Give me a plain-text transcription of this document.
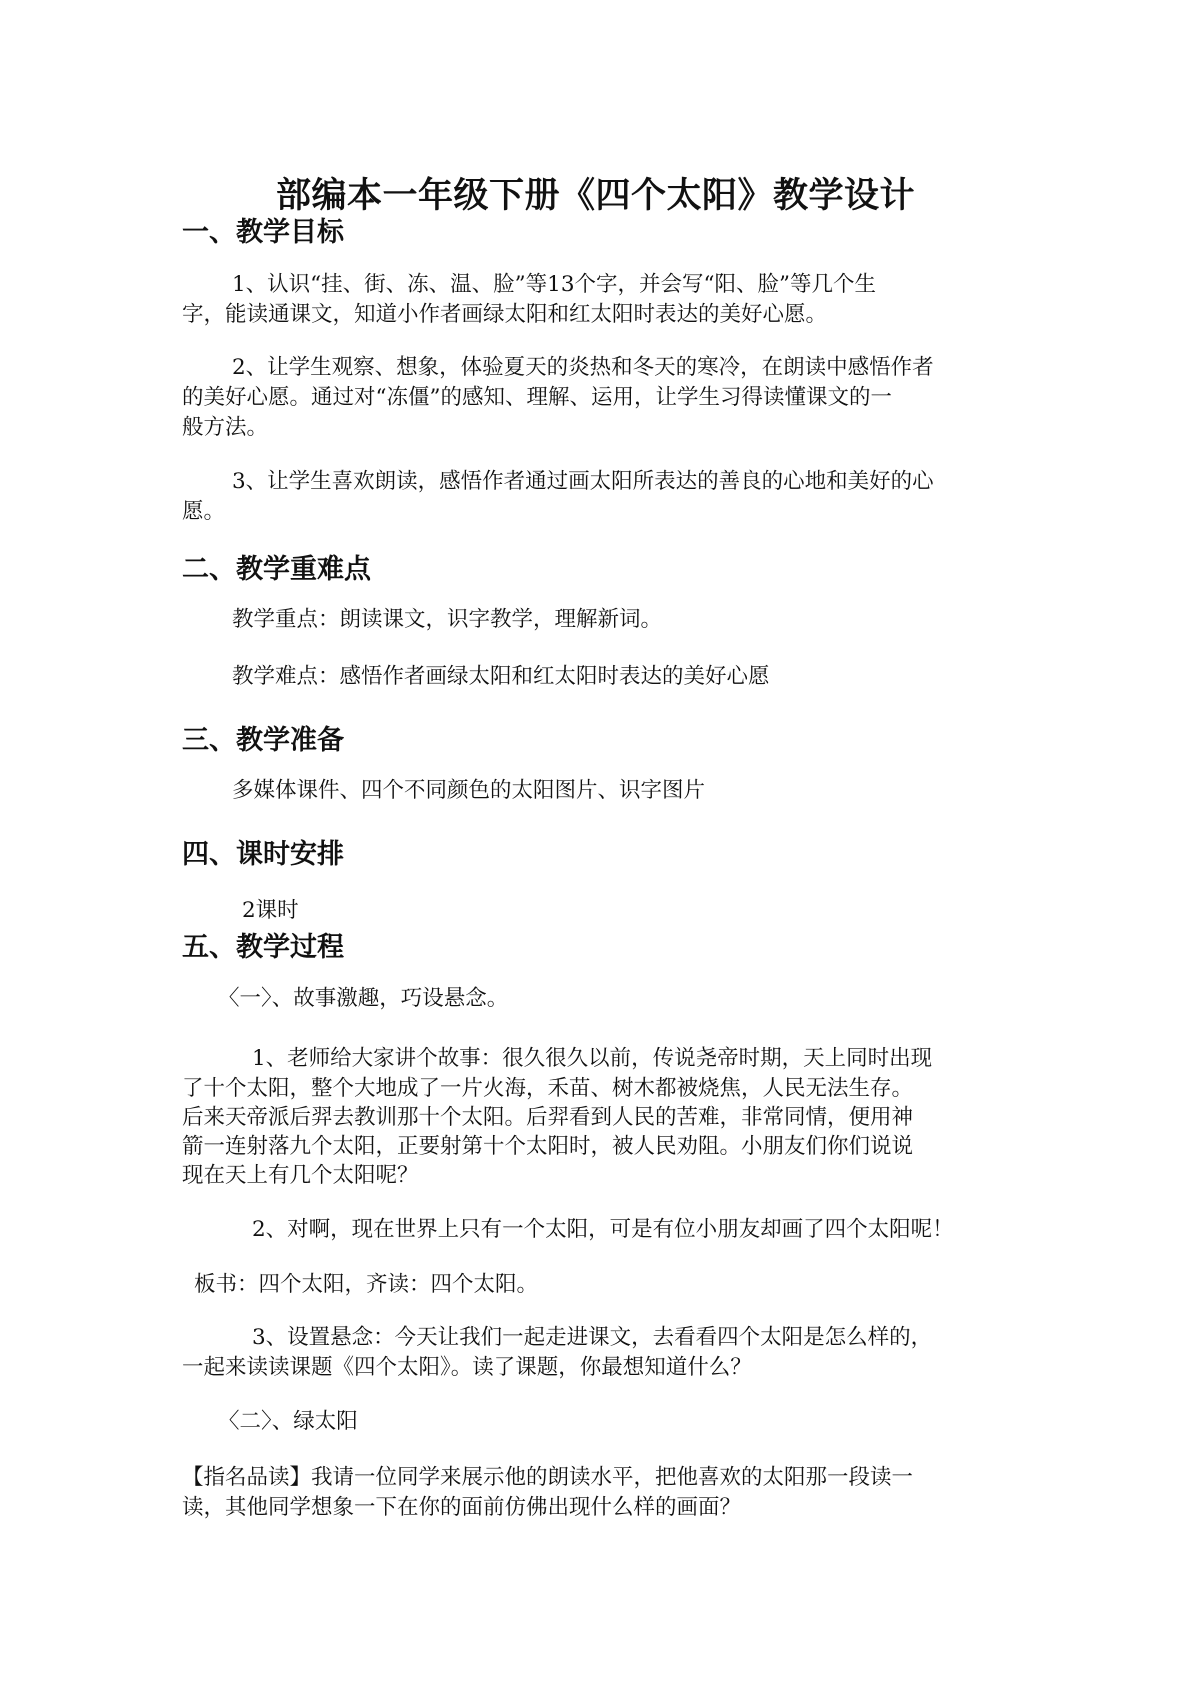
部编本一年级下册《四个太阳》教学设计
一、教学目标
1、认识“挂、街、冻、温、脸”等13个字，并会写“阳、脸”等几个生
字，能读通课文，知道小作者画绿太阳和红太阳时表达的美好心愿。
2、让学生观察、想象，体验夏天的炎热和冬天的寒冷，在朗读中感悟作者
的美好心愿。通过对“冻僵”的感知、理解、运用，让学生习得读懂课文的一
般方法。
3、让学生喜欢朗读，感悟作者通过画太阳所表达的善良的心地和美好的心
愿。
二、教学重难点
教学重点：朗读课文，识字教学，理解新词。
教学难点：感悟作者画绿太阳和红太阳时表达的美好心愿
三、教学准备
多媒体课件、四个不同颜色的太阳图片、识字图片
四、课时安排
2课时
五、教学过程
〈一〉、故事激趣，巧设悬念。
1、老师给大家讲个故事：很久很久以前，传说尧帝时期，天上同时出现
了十个太阳，整个大地成了一片火海，禾苗、树木都被烧焦，人民无法生存。
后来天帝派后羿去教训那十个太阳。后羿看到人民的苦难，非常同情，便用神
箭一连射落九个太阳，正要射第十个太阳时，被人民劝阻。小朋友们你们说说
现在天上有几个太阳呢？
2、对啊，现在世界上只有一个太阳，可是有位小朋友却画了四个太阳呢！
板书：四个太阳，齐读：四个太阳。
3、设置悬念：今天让我们一起走进课文，去看看四个太阳是怎么样的，
一起来读读课题《四个太阳》。读了课题，你最想知道什么？
〈二〉、绿太阳
【指名品读】我请一位同学来展示他的朗读水平，把他喜欢的太阳那一段读一
读，其他同学想象一下在你的面前仿佛出现什么样的画面？
